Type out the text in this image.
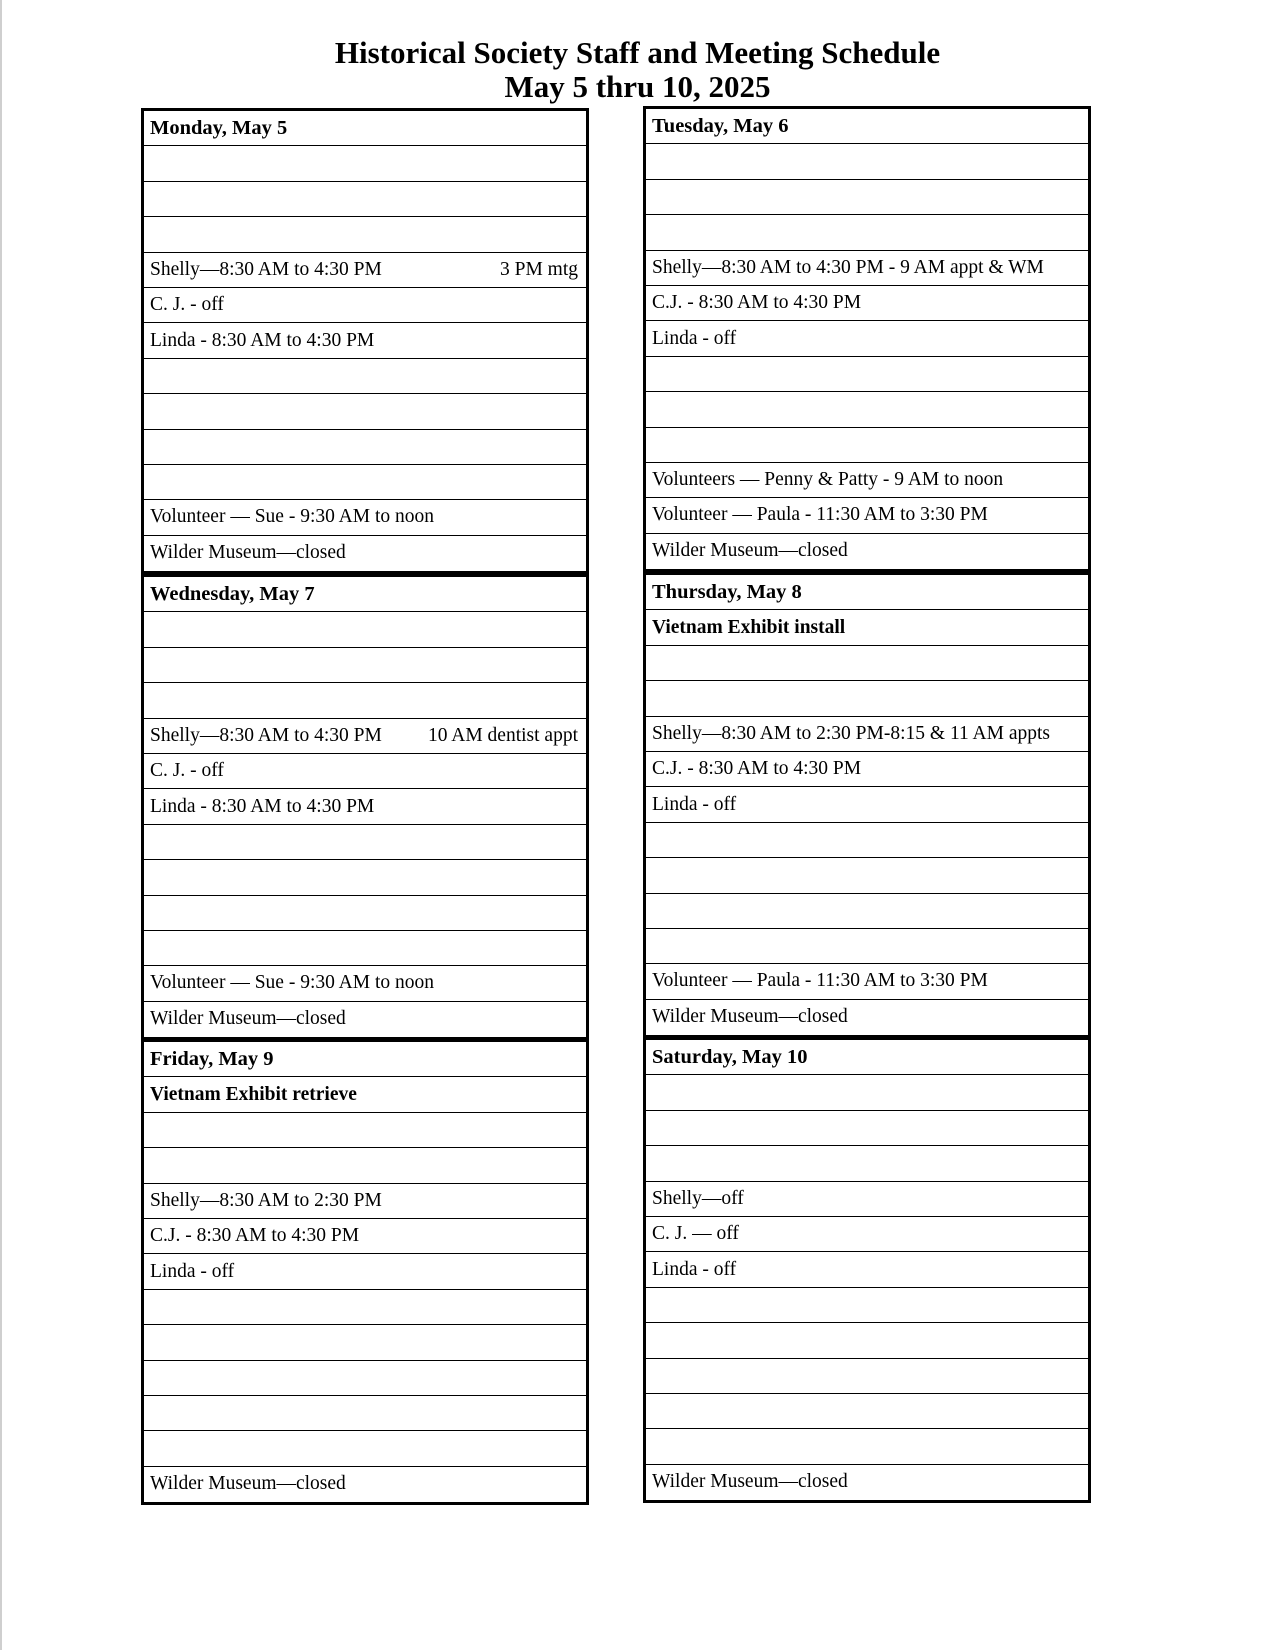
Historical Society Staff and Meeting Schedule
May 5 thru 10, 2025
Monday, May 5
Shelly—8:30 AM to 4:30 PM	3 PM mtg
C. J. - off
Linda - 8:30 AM to 4:30 PM
Volunteer — Sue - 9:30 AM to noon
Wilder Museum—closed
Tuesday, May 6
Shelly—8:30 AM to 4:30 PM - 9 AM appt & WM
C.J. - 8:30 AM to 4:30 PM
Linda - off
Volunteers — Penny & Patty - 9 AM to noon
Volunteer — Paula - 11:30 AM to 3:30 PM
Wilder Museum—closed
Wednesday, May 7
Shelly—8:30 AM to 4:30 PM 10 AM dentist appt
C. J. - off
Linda - 8:30 AM to 4:30 PM
Volunteer — Sue - 9:30 AM to noon
Wilder Museum—closed
Thursday, May 8
Vietnam Exhibit install
Shelly—8:30 AM to 2:30 PM-8:15 & 11 AM appts
C.J. - 8:30 AM to 4:30 PM
Linda - off
Volunteer — Paula - 11:30 AM to 3:30 PM
Wilder Museum—closed
Friday, May 9
Vietnam Exhibit retrieve
Shelly—8:30 AM to 2:30 PM
C.J. - 8:30 AM to 4:30 PM
Linda - off
Wilder Museum—closed
Saturday, May 10
Shelly—off
C. J. — off
Linda - off
Wilder Museum—closed
